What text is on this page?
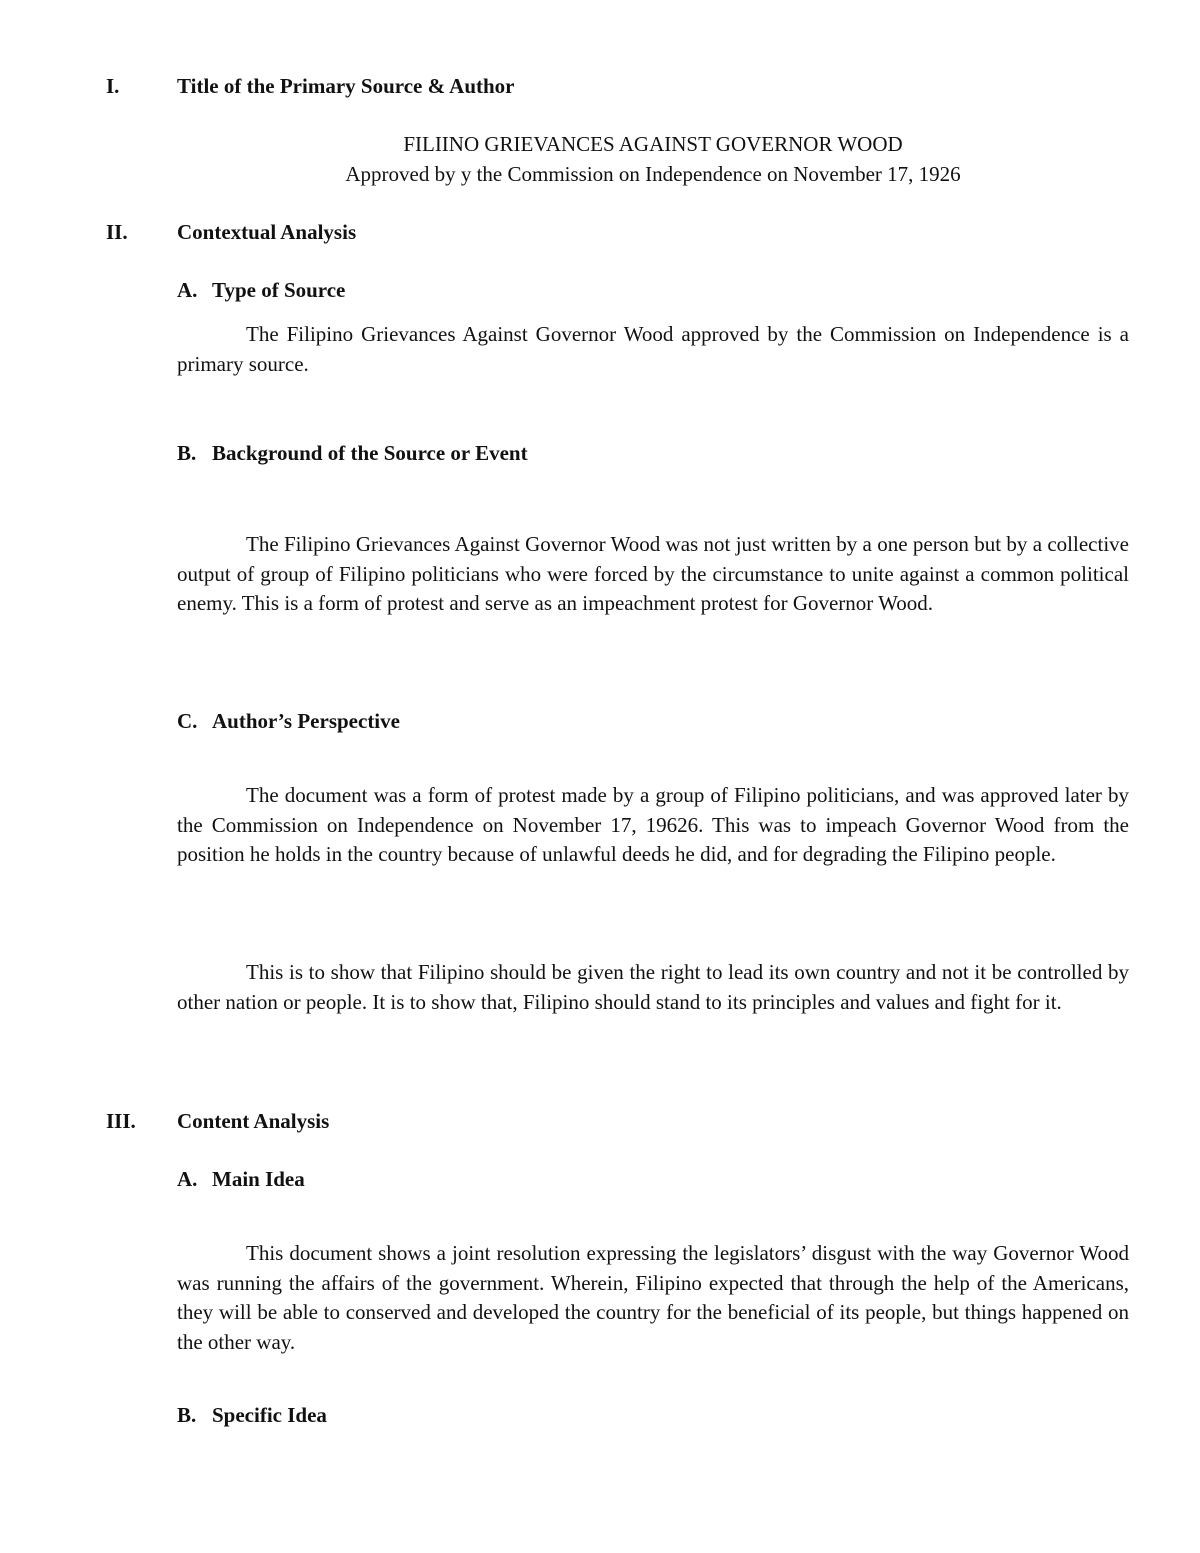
I.	Title of the Primary Source & Author
FILIINO GRIEVANCES AGAINST GOVERNOR WOOD
Approved by y the Commission on Independence on November 17, 1926
II. Contextual Analysis
A. Type of Source

The Filipino Grievances Against Governor Wood approved by the Commission on Independence is a primary source.

B. Background of the Source or Event

The Filipino Grievances Against Governor Wood was not just written by a one person but by a collective output of group of Filipino politicians who were forced by the circumstance to unite against a common political enemy. This is a form of protest and serve as an impeachment protest for Governor Wood.

C. Author’s Perspective

The document was a form of protest made by a group of Filipino politicians, and was approved later by the Commission on Independence on November 17, 19626. This was to impeach Governor Wood from the position he holds in the country because of unlawful deeds he did, and for degrading the Filipino people.

This is to show that Filipino should be given the right to lead its own country and not it be controlled by other nation or people. It is to show that, Filipino should stand to its principles and values and fight for it.

III. Content Analysis
A. Main Idea

This document shows a joint resolution expressing the legislators’ disgust with the way Governor Wood was running the affairs of the government. Wherein, Filipino expected that through the help of the Americans, they will be able to conserved and developed the country for the beneficial of its people, but things happened on the other way.

B. Specific Idea
